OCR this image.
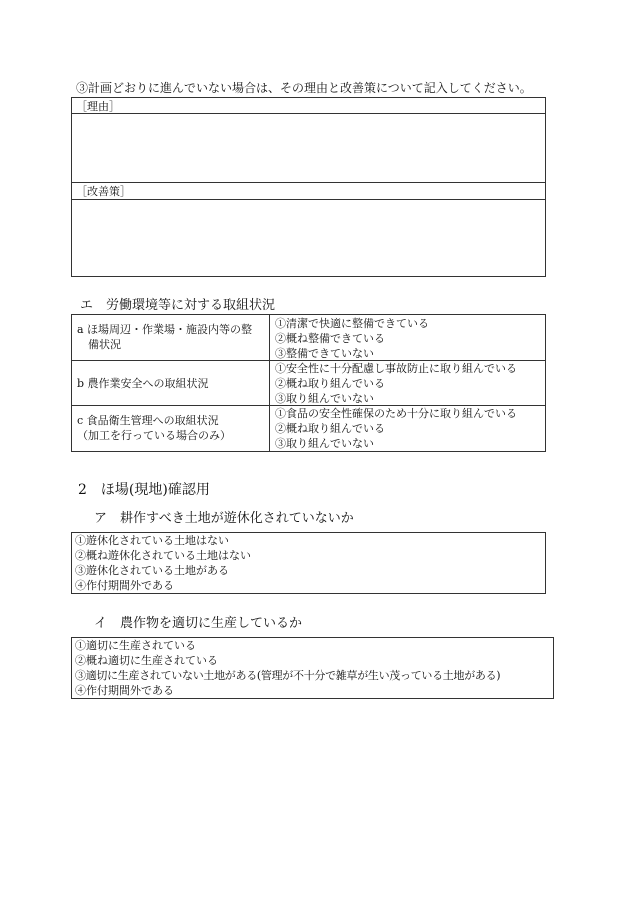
③計画どおりに進んでいない場合は、その理由と改善策について記入してください。
［理由］
［改善策］
エ　労働環境等に対する取組状況
a ほ場周辺・作業場・施設内等の整
　備状況
①清潔で快適に整備できている
②概ね整備できている
③整備できていない
b 農作業安全への取組状況
①安全性に十分配慮し事故防止に取り組んでいる
②概ね取り組んでいる
③取り組んでいない
c 食品衛生管理への取組状況
（加工を行っている場合のみ）
①食品の安全性確保のため十分に取り組んでいる
②概ね取り組んでいる
③取り組んでいない
2　ほ場(現地)確認用
ア　耕作すべき土地が遊休化されていないか
①遊休化されている土地はない
②概ね遊休化されている土地はない
③遊休化されている土地がある
④作付期間外である
イ　農作物を適切に生産しているか
①適切に生産されている
②概ね適切に生産されている
③適切に生産されていない土地がある(管理が不十分で雑草が生い茂っている土地がある)
④作付期間外である
